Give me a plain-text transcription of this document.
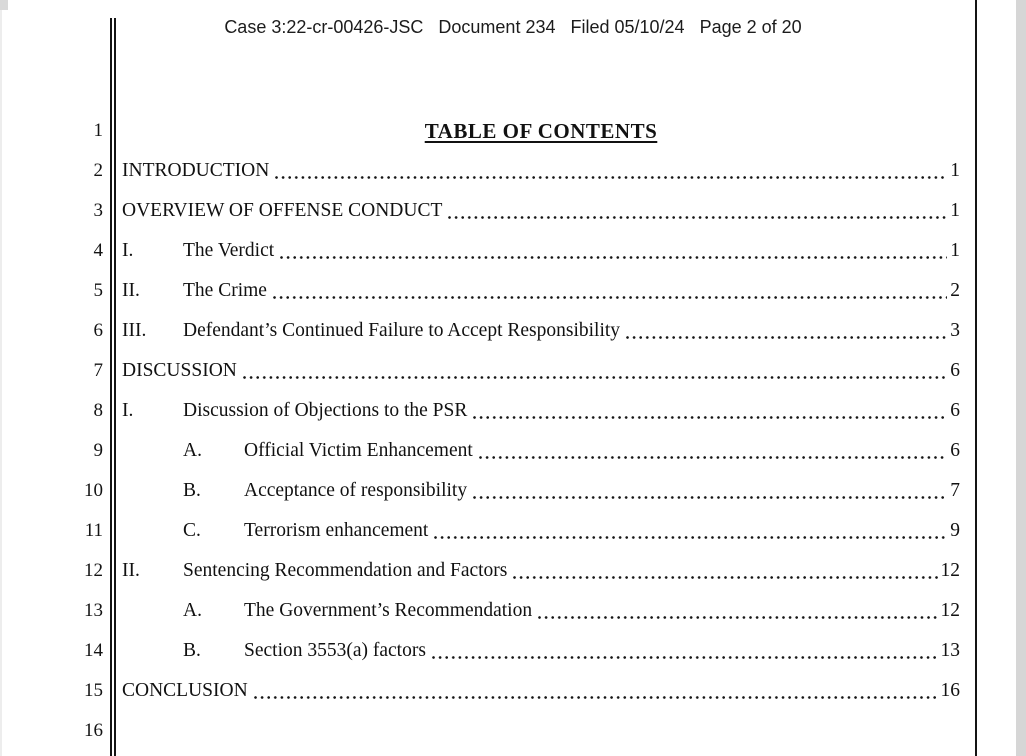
Case 3:22-cr-00426-JSC Document 234 Filed 05/10/24 Page 2 of 20
1
2
3
4
5
6
7
8
9
10
11
12
13
14
15
16
TABLE OF CONTENTS
INTRODUCTION	1
OVERVIEW OF OFFENSE CONDUCT	1
I.	The Verdict	1
II.	The Crime	2
III.	Defendant’s Continued Failure to Accept Responsibility	3
DISCUSSION	6
I.	Discussion of Objections to the PSR	6
A.	Official Victim Enhancement	6
B.	Acceptance of responsibility	7
C.	Terrorism enhancement	9
II.	Sentencing Recommendation and Factors	12
A.	The Government’s Recommendation	12
B.	Section 3553(a) factors	13
CONCLUSION	16
